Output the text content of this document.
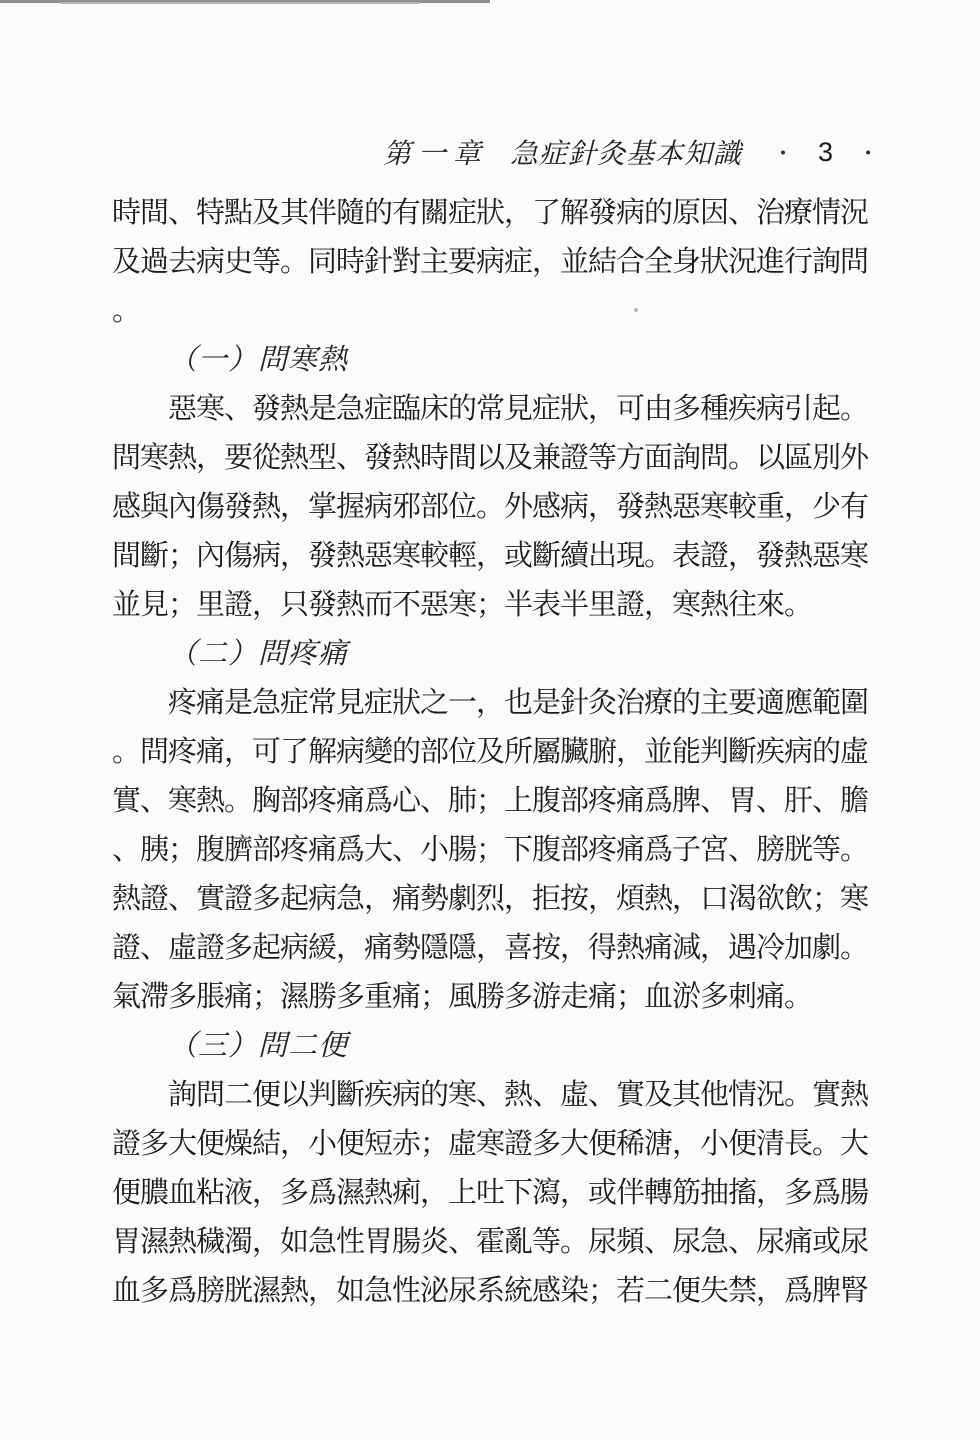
第一章 急症針灸基本知識 ・ 3 ・
時間、特點及其伴隨的有關症狀，了解發病的原因、治療情況
及過去病史等。同時針對主要病症，並結合全身狀況進行詢問
。
（一）問寒熱
惡寒、發熱是急症臨床的常見症狀，可由多種疾病引起。
問寒熱，要從熱型、發熱時間以及兼證等方面詢問。以區別外
感與內傷發熱，掌握病邪部位。外感病，發熱惡寒較重，少有
間斷；內傷病，發熱惡寒較輕，或斷續出現。表證，發熱惡寒
並見；里證，只發熱而不惡寒；半表半里證，寒熱往來。
（二）問疼痛
疼痛是急症常見症狀之一，也是針灸治療的主要適應範圍
。問疼痛，可了解病變的部位及所屬臟腑，並能判斷疾病的虛
實、寒熱。胸部疼痛爲心、肺；上腹部疼痛爲脾、胃、肝、膽
、胰；腹臍部疼痛爲大、小腸；下腹部疼痛爲子宮、膀胱等。
熱證、實證多起病急，痛勢劇烈，拒按，煩熱，口渴欲飲；寒
證、虛證多起病緩，痛勢隱隱，喜按，得熱痛減，遇冷加劇。
氣滯多脹痛；濕勝多重痛；風勝多游走痛；血淤多刺痛。
（三）問二便
詢問二便以判斷疾病的寒、熱、虛、實及其他情況。實熱
證多大便燥結，小便短赤；虛寒證多大便稀溏，小便清長。大
便膿血粘液，多爲濕熱痢，上吐下瀉，或伴轉筋抽搐，多爲腸
胃濕熱穢濁，如急性胃腸炎、霍亂等。尿頻、尿急、尿痛或尿
血多爲膀胱濕熱，如急性泌尿系統感染；若二便失禁，爲脾腎
